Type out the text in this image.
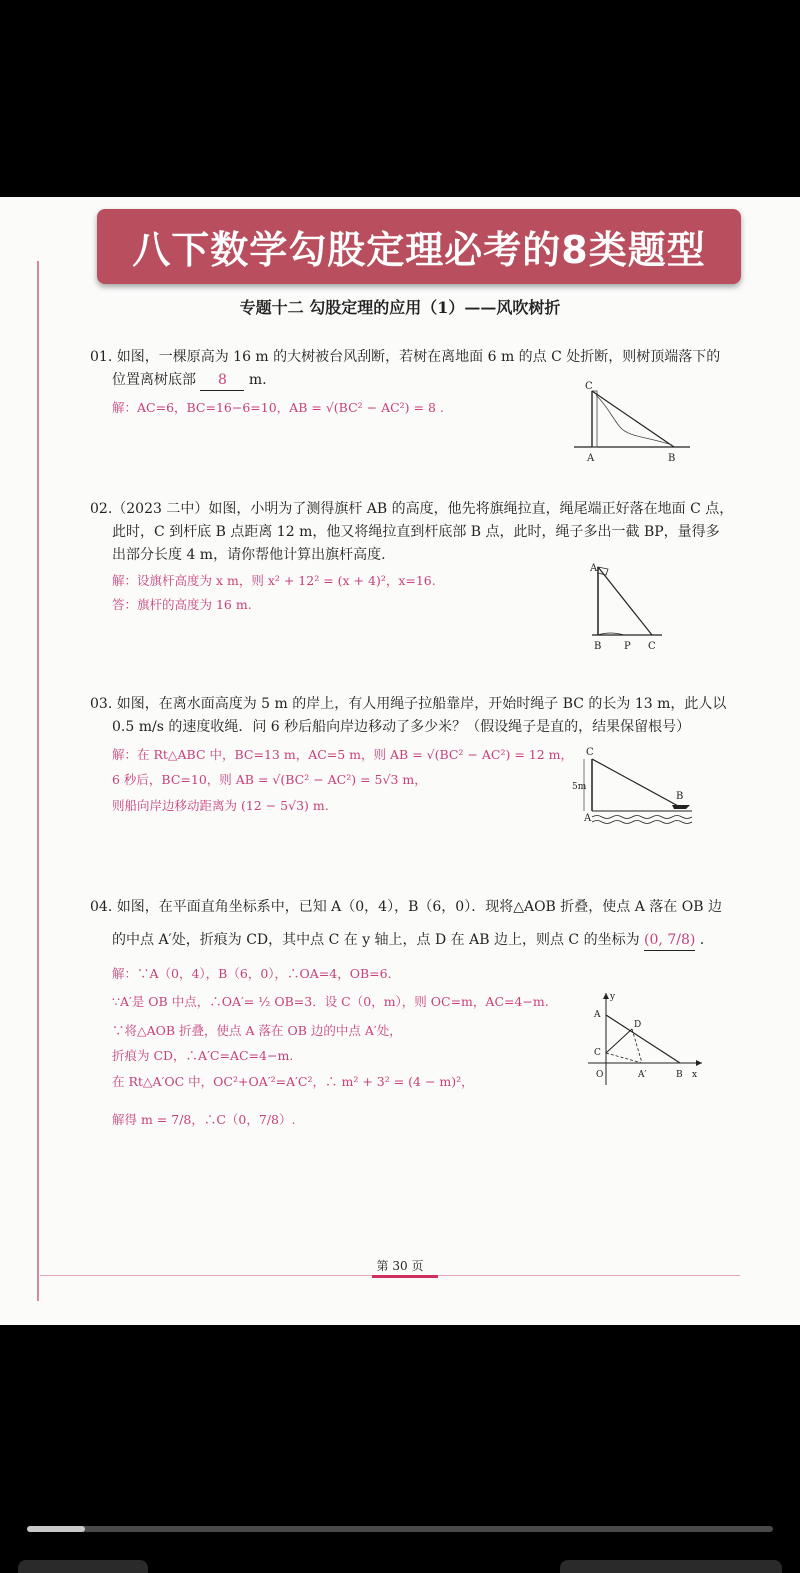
八下数学勾股定理必考的8类题型
专题十二 勾股定理的应用（1）——风吹树折
01. 如图，一棵原高为 16 m 的大树被台风刮断，若树在离地面 6 m 的点 C 处折断，则树顶端落下的
位置离树底部 8 m.
解：AC=6，BC=16−6=10，AB = √(BC² − AC²) = 8 .
C
A	B
02.（2023 二中）如图，小明为了测得旗杆 AB 的高度，他先将旗绳拉直，绳尾端正好落在地面 C 点，
此时，C 到杆底 B 点距离 12 m，他又将绳拉直到杆底部 B 点，此时，绳子多出一截 BP，量得多
出部分长度 4 m，请你帮他计算出旗杆高度.
解：设旗杆高度为 x m，则 x² + 12² = (x + 4)²，x=16.
答：旗杆的高度为 16 m.
A
B P C
03. 如图，在离水面高度为 5 m 的岸上，有人用绳子拉船靠岸，开始时绳子 BC 的长为 13 m，此人以
0.5 m/s 的速度收绳．问 6 秒后船向岸边移动了多少米？（假设绳子是直的，结果保留根号）
解：在 Rt△ABC 中，BC=13 m，AC=5 m，则 AB = √(BC² − AC²) = 12 m，
6 秒后，BC=10，则 AB = √(BC² − AC²) = 5√3 m，
则船向岸边移动距离为 (12 − 5√3) m.
C
5m
B
A
04. 如图，在平面直角坐标系中，已知 A（0，4），B（6，0）．现将△AOB 折叠，使点 A 落在 OB 边
的中点 A′处，折痕为 CD，其中点 C 在 y 轴上，点 D 在 AB 边上，则点 C 的坐标为 (0, 7/8) .
解：∵A（0，4），B（6，0），∴OA=4，OB=6.
∵A′是 OB 中点，∴OA′= ½ OB=3．设 C（0，m），则 OC=m，AC=4−m.
∵将△AOB 折叠，使点 A 落在 OB 边的中点 A′处，
折痕为 CD，∴A′C=AC=4−m.
在 Rt△A′OC 中，OC²+OA′²=A′C²，∴ m² + 3² = (4 − m)²，
解得 m = 7/8，∴C（0，7/8）.
y
A
D
C
O	A′	B x
第 30 页
